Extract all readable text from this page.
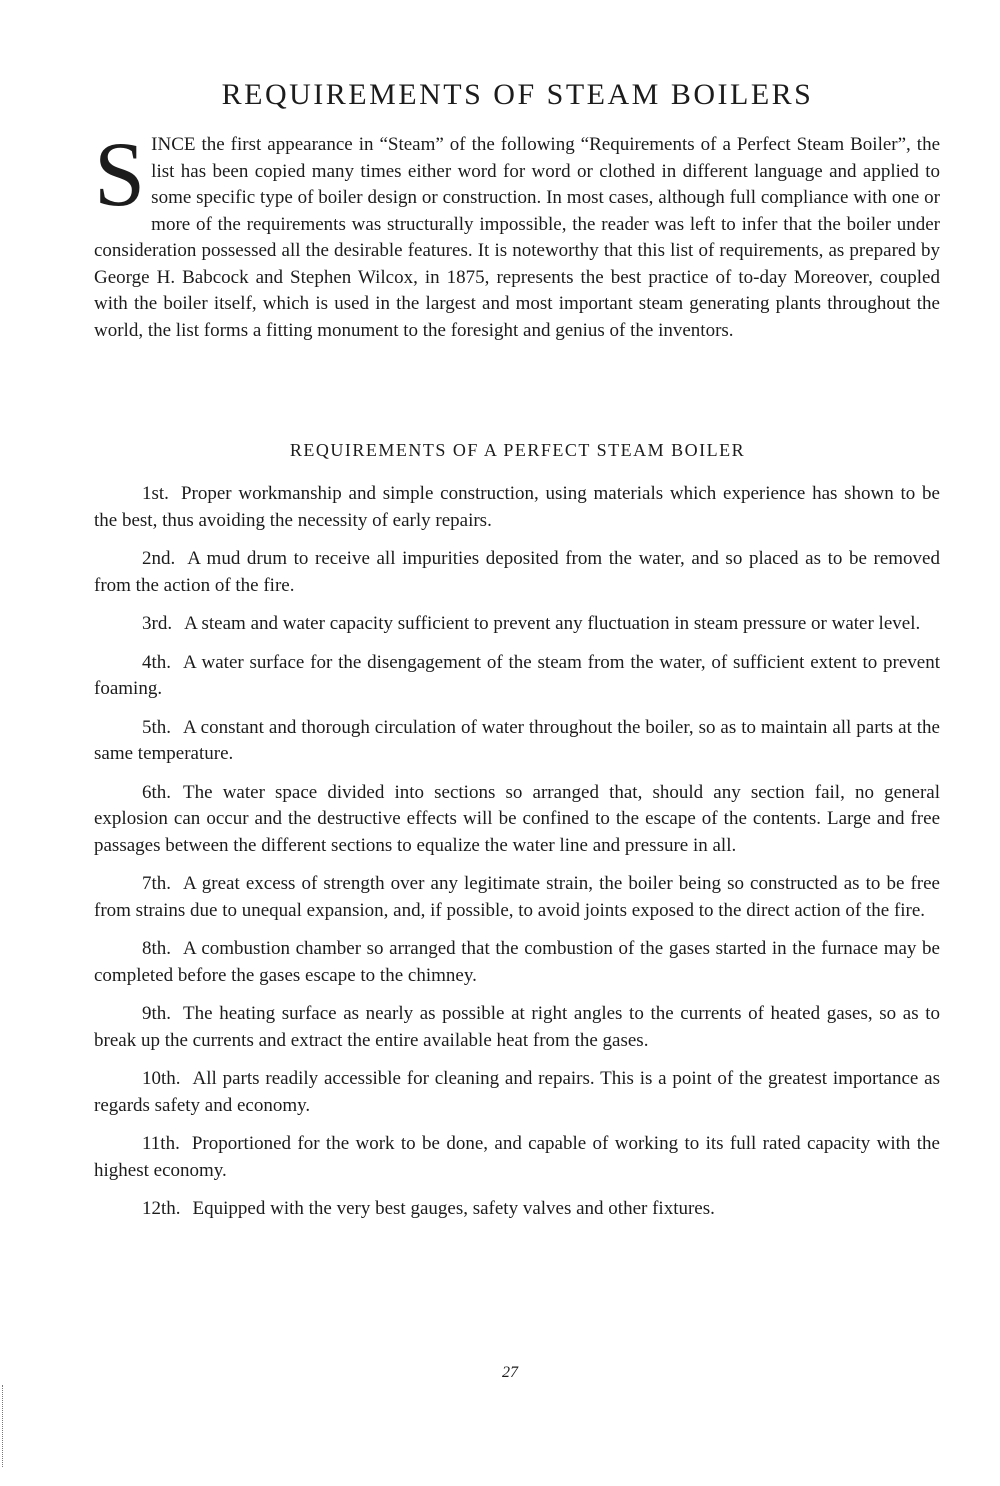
REQUIREMENTS OF STEAM BOILERS
S INCE the first appearance in “Steam” of the following “Requirements of a Perfect Steam Boiler”, the list has been copied many times either word for word or clothed in different language and applied to some specific type of boiler design or construction. In most cases, although full compliance with one or more of the requirements was structurally impossible, the reader was left to infer that the boiler under consideration possessed all the desirable features. It is noteworthy that this list of requirements, as prepared by George H. Babcock and Stephen Wilcox, in 1875, represents the best practice of to-day Moreover, coupled with the boiler itself, which is used in the largest and most important steam generating plants throughout the world, the list forms a fitting monument to the foresight and genius of the inventors.
REQUIREMENTS OF A PERFECT STEAM BOILER

1st. Proper workmanship and simple construction, using materials which experience has shown to be the best, thus avoiding the necessity of early repairs.

2nd. A mud drum to receive all impurities deposited from the water, and so placed as to be removed from the action of the fire.

3rd. A steam and water capacity sufficient to prevent any fluctuation in steam pressure or water level.

4th. A water surface for the disengagement of the steam from the water, of sufficient extent to prevent foaming.

5th. A constant and thorough circulation of water throughout the boiler, so as to maintain all parts at the same temperature.

6th. The water space divided into sections so arranged that, should any section fail, no general explosion can occur and the destructive effects will be confined to the escape of the contents. Large and free passages between the different sections to equalize the water line and pressure in all.

7th. A great excess of strength over any legitimate strain, the boiler being so constructed as to be free from strains due to unequal expansion, and, if possible, to avoid joints exposed to the direct action of the fire.

8th. A combustion chamber so arranged that the combustion of the gases started in the furnace may be completed before the gases escape to the chimney.

9th. The heating surface as nearly as possible at right angles to the currents of heated gases, so as to break up the currents and extract the entire available heat from the gases.

10th. All parts readily accessible for cleaning and repairs. This is a point of the greatest importance as regards safety and economy.

11th. Proportioned for the work to be done, and capable of working to its full rated capacity with the highest economy.

12th. Equipped with the very best gauges, safety valves and other fixtures.

27
